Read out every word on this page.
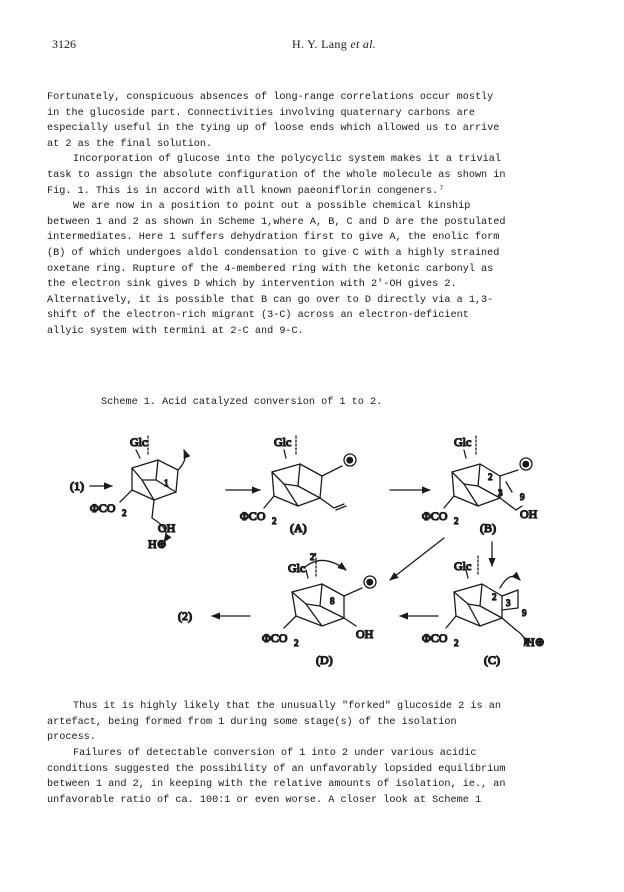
3126	H. Y. Lang et al.
Fortunately, conspicuous absences of long-range correlations occur mostly
in the glucoside part. Connectivities involving quaternary carbons are
especially useful in the tying up of loose ends which allowed us to arrive
at 2 as the final solution.
Incorporation of glucose into the polycyclic system makes it a trivial
task to assign the absolute configuration of the whole molecule as shown in
Fig. 1. This is in accord with all known paeoniflorin congeners.⁷
We are now in a position to point out a possible chemical kinship
between 1 and 2 as shown in Scheme 1,where A, B, C and D are the postulated
intermediates. Here 1 suffers dehydration first to give A, the enolic form
(B) of which undergoes aldol condensation to give C with a highly strained
oxetane ring. Rupture of the 4-membered ring with the ketonic carbonyl as
the electron sink gives D which by intervention with 2'-OH gives 2.
Alternatively, it is possible that B can go over to D directly via a 1,3-
shift of the electron-rich migrant (3-C) across an electron-deficient
allyic system with termini at 2-C and 9-C.
Scheme 1. Acid catalyzed conversion of 1 to 2.
Glc
(1)
ΦCO 2
OH
H⊕
1
Glc
⊕
ΦCO 2 (A)
Glc
⊕
2
3 9
OH
ΦCO 2 (B)
Glc
2'
⊕
8
OH
ΦCO 2
(D)
(2)
Glc
2
3
9
H⊕
ΦCO 2
(C)
Thus it is highly likely that the unusually "forked" glucoside 2 is an
artefact, being formed from 1 during some stage(s) of the isolation
process.
Failures of detectable conversion of 1 into 2 under various acidic
conditions suggested the possibility of an unfavorably lopsided equilibrium
between 1 and 2, in keeping with the relative amounts of isolation, ie., an
unfavorable ratio of ca. 100:1 or even worse. A closer look at Scheme 1
